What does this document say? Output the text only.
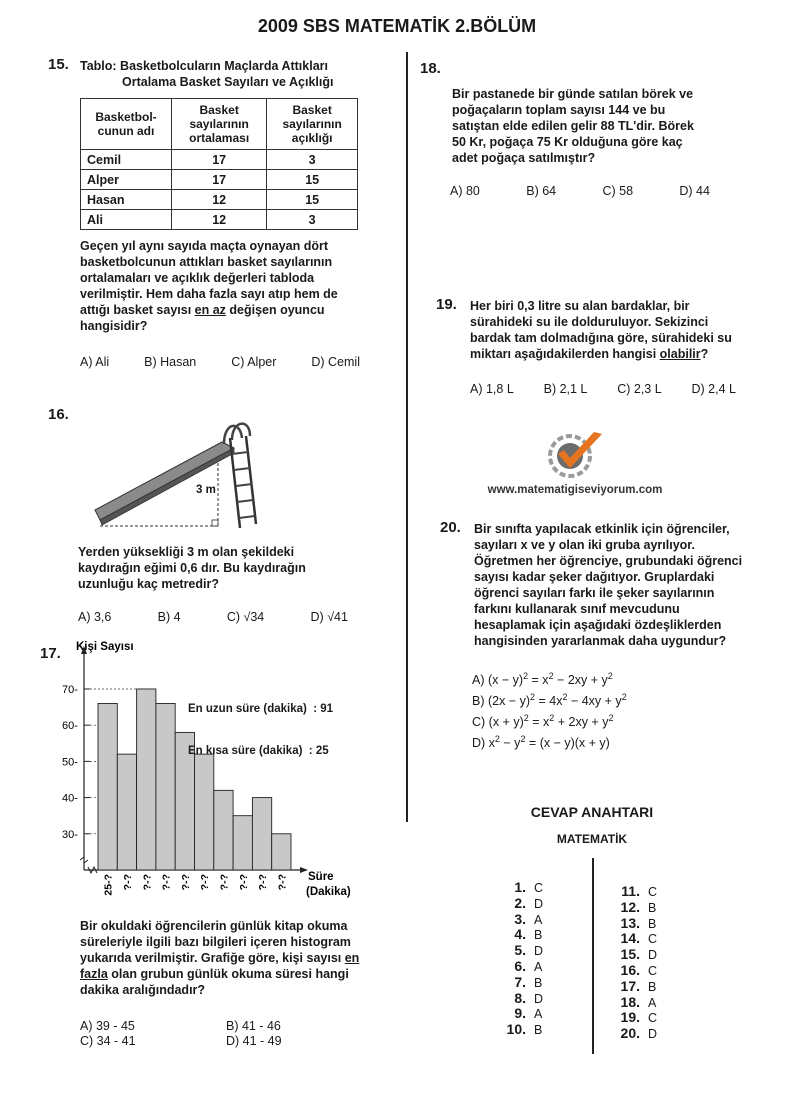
2009 SBS MATEMATİK 2.BÖLÜM
15. Tablo: Basketbolcuların Maçlarda Attıkları
Ortalama Basket Sayıları ve Açıklığı
Basketbol-cunun adı	Basket sayılarının ortalaması	Basket sayılarının açıklığı
Cemil	17	3
Alper	17	15
Hasan	12	15
Ali	12	3
Geçen yıl aynı sayıda maçta oynayan dört basketbolcunun attıkları basket sayılarının ortalamaları ve açıklık değerleri tabloda verilmiştir. Hem daha fazla sayı atıp hem de attığı basket sayısı en az değişen oyuncu hangisidir?
A) Ali	B) Hasan	C) Alper	D) Cemil
16.
3 m
Yerden yüksekliği 3 m olan şekildeki kaydırağın eğimi 0,6 dır. Bu kaydırağın uzunluğu kaç metredir?
A) 3,6	B) 4	C) √34	D) √41
17.
30-
40-
50-
60-
70-
25-? ?-? ?-? ?-? ?-? ?-? ?-? ?-? ?-? ?-?
Kişi Sayısı
Süre
(Dakika)

En uzun süre (dakika)  : 91

En kısa süre (dakika)  : 25

Bir okuldaki öğrencilerin günlük kitap okuma süreleriyle ilgili bazı bilgileri içeren histogram yukarıda verilmiştir. Grafiğe göre, kişi sayısı en fazla olan grubun günlük okuma süresi hangi dakika aralığındadır?
A) 39 - 45	B) 41 - 46
C) 34 - 41	D) 41 - 49
18.
Bir pastanede bir günde satılan börek ve poğaçaların toplam sayısı 144 ve bu satıştan elde edilen gelir 88 TL'dir. Börek 50 Kr, poğaça 75 Kr olduğuna göre kaç adet poğaça satılmıştır?
A) 80	B) 64	C) 58	D) 44
19. Her biri 0,3 litre su alan bardaklar, bir sürahideki su ile dolduruluyor. Sekizinci bardak tam dolmadığına göre, sürahideki su miktarı aşağıdakilerden hangisi olabilir?
A) 1,8 L B) 2,1 L C) 2,3 L D) 2,4 L
www.matematigiseviyorum.com
20. Bir sınıfta yapılacak etkinlik için öğrenciler, sayıları x ve y olan iki gruba ayrılıyor. Öğretmen her öğrenciye, grubundaki öğrenci sayısı kadar şeker dağıtıyor. Gruplardaki öğrenci sayıları farkı ile şeker sayılarının farkını kullanarak sınıf mevcudunu hesaplamak için aşağıdaki özdeşliklerden hangisinden yararlanmak daha uygundur?
A) $(x - y)^2 = x^2 - 2xy + y^2$
B) $(2x - y)^2 = 4x^2 - 4xy + y^2$
C) $(x + y)^2 = x^2 + 2xy + y^2$
D) $x^2 - y^2 = (x - y)(x + y)$
CEVAP ANAHTARI
MATEMATİK
1. C
2. D
3. A
4. B
5. D
6. A
7. B
8. D
9. A
10. B
11. C
12. B
13. B
14. C
15. D
16. C
17. B
18. A
19. C
20. D
